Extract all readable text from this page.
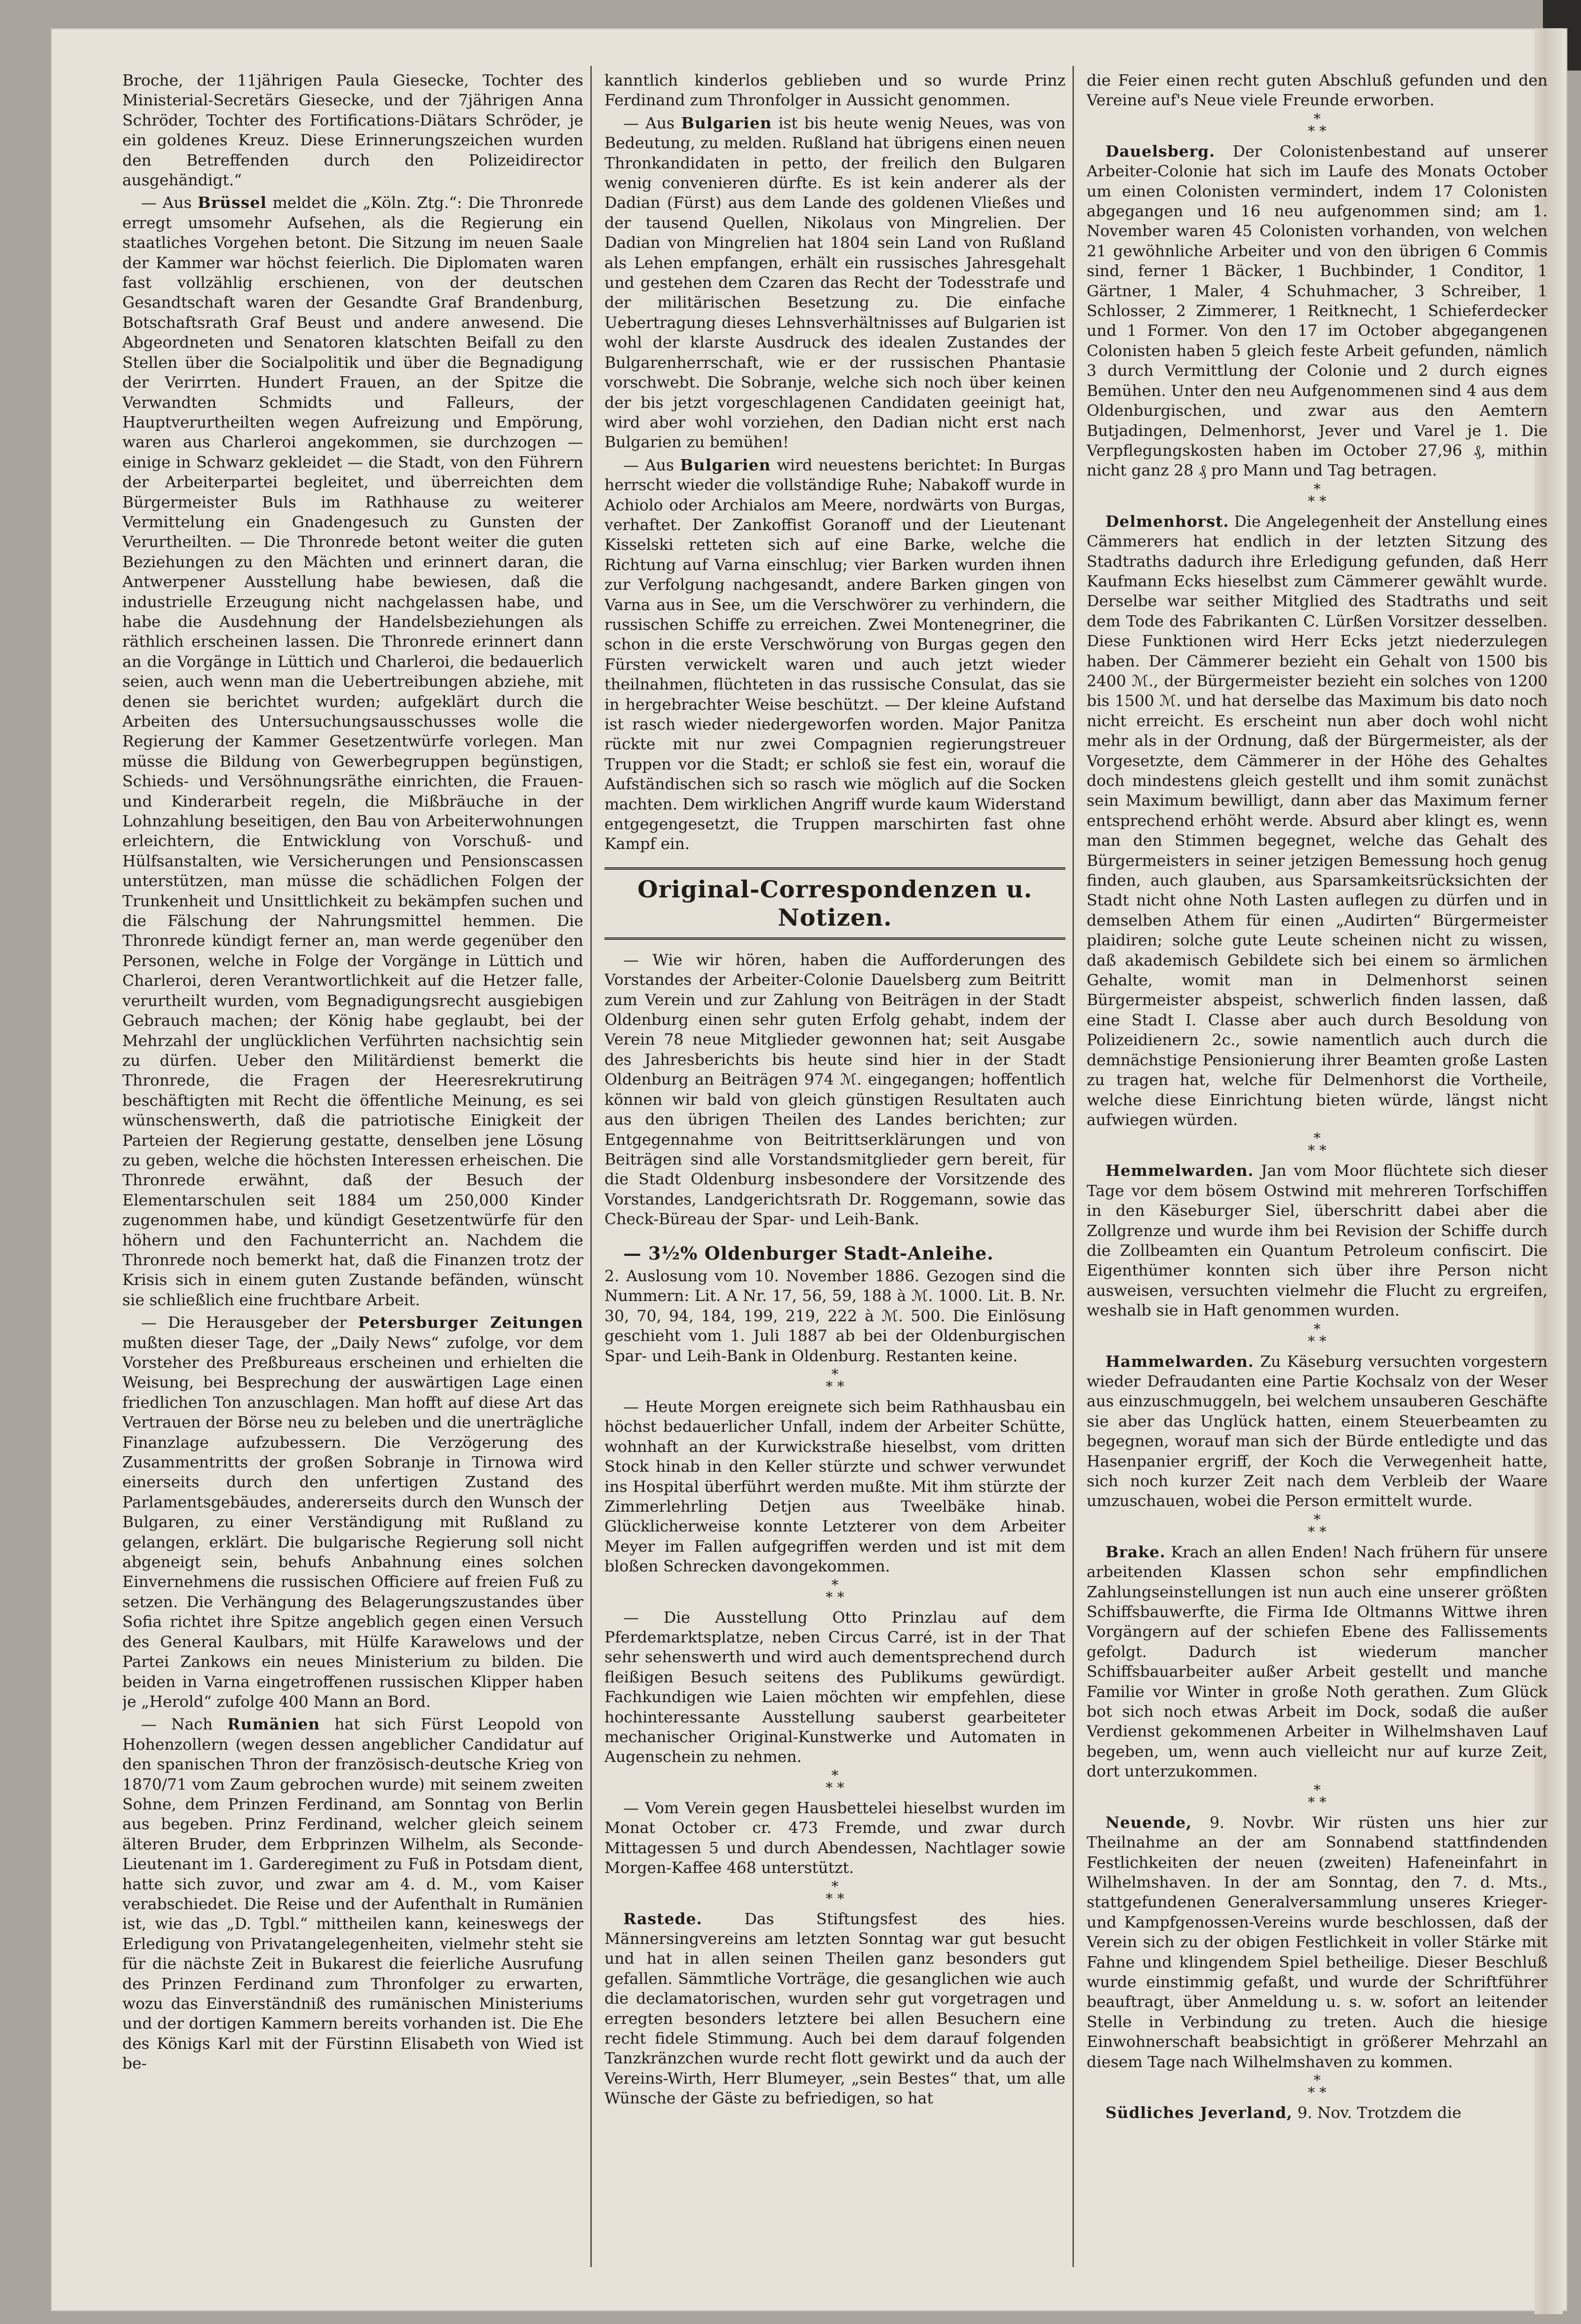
Broche, der 11jährigen Paula Giesecke, Tochter des Ministerial-Secretärs Giesecke, und der 7jährigen Anna Schröder, Tochter des Fortifications-Diätars Schröder, je ein goldenes Kreuz. Diese Erinnerungszeichen wurden den Betreffenden durch den Polizeidirector ausgehändigt.“

— Aus Brüssel meldet die „Köln. Ztg.“: Die Thronrede erregt umsomehr Aufsehen, als die Regierung ein staatliches Vorgehen betont. Die Sitzung im neuen Saale der Kammer war höchst feierlich. Die Diplomaten waren fast vollzählig erschienen, von der deutschen Gesandtschaft waren der Gesandte Graf Brandenburg, Botschaftsrath Graf Beust und andere anwesend. Die Abgeordneten und Senatoren klatschten Beifall zu den Stellen über die Socialpolitik und über die Begnadigung der Verirrten. Hundert Frauen, an der Spitze die Verwandten Schmidts und Falleurs, der Hauptverurtheilten wegen Aufreizung und Empörung, waren aus Charleroi angekommen, sie durchzogen — einige in Schwarz gekleidet — die Stadt, von den Führern der Arbeiterpartei begleitet, und überreichten dem Bürgermeister Buls im Rathhause zu weiterer Vermittelung ein Gnadengesuch zu Gunsten der Verurtheilten. — Die Thronrede betont weiter die guten Beziehungen zu den Mächten und erinnert daran, die Antwerpener Ausstellung habe bewiesen, daß die industrielle Erzeugung nicht nachgelassen habe, und habe die Ausdehnung der Handelsbeziehungen als räthlich erscheinen lassen. Die Thronrede erinnert dann an die Vorgänge in Lüttich und Charleroi, die bedauerlich seien, auch wenn man die Uebertreibungen abziehe, mit denen sie berichtet wurden; aufgeklärt durch die Arbeiten des Untersuchungsausschusses wolle die Regierung der Kammer Gesetzentwürfe vorlegen. Man müsse die Bildung von Gewerbegruppen begünstigen, Schieds- und Versöhnungsräthe einrichten, die Frauen- und Kinderarbeit regeln, die Mißbräuche in der Lohnzahlung beseitigen, den Bau von Arbeiterwohnungen erleichtern, die Entwicklung von Vorschuß- und Hülfsanstalten, wie Versicherungen und Pensionscassen unterstützen, man müsse die schädlichen Folgen der Trunkenheit und Unsittlichkeit zu bekämpfen suchen und die Fälschung der Nahrungsmittel hemmen. Die Thronrede kündigt ferner an, man werde gegenüber den Personen, welche in Folge der Vorgänge in Lüttich und Charleroi, deren Verantwortlichkeit auf die Hetzer falle, verurtheilt wurden, vom Begnadigungsrecht ausgiebigen Gebrauch machen; der König habe geglaubt, bei der Mehrzahl der unglücklichen Verführten nachsichtig sein zu dürfen. Ueber den Militärdienst bemerkt die Thronrede, die Fragen der Heeresrekrutirung beschäftigten mit Recht die öffentliche Meinung, es sei wünschenswerth, daß die patriotische Einigkeit der Parteien der Regierung gestatte, denselben jene Lösung zu geben, welche die höchsten Interessen erheischen. Die Thronrede erwähnt, daß der Besuch der Elementarschulen seit 1884 um 250,000 Kinder zugenommen habe, und kündigt Gesetzentwürfe für den höhern und den Fachunterricht an. Nachdem die Thronrede noch bemerkt hat, daß die Finanzen trotz der Krisis sich in einem guten Zustande befänden, wünscht sie schließlich eine fruchtbare Arbeit.

— Die Herausgeber der Petersburger Zeitungen mußten dieser Tage, der „Daily News“ zufolge, vor dem Vorsteher des Preßbureaus erscheinen und erhielten die Weisung, bei Besprechung der auswärtigen Lage einen friedlichen Ton anzuschlagen. Man hofft auf diese Art das Vertrauen der Börse neu zu beleben und die unerträgliche Finanzlage aufzubessern. Die Verzögerung des Zusammentritts der großen Sobranje in Tirnowa wird einerseits durch den unfertigen Zustand des Parlamentsgebäudes, andererseits durch den Wunsch der Bulgaren, zu einer Verständigung mit Rußland zu gelangen, erklärt. Die bulgarische Regierung soll nicht abgeneigt sein, behufs Anbahnung eines solchen Einvernehmens die russischen Officiere auf freien Fuß zu setzen. Die Verhängung des Belagerungszustandes über Sofia richtet ihre Spitze angeblich gegen einen Versuch des General Kaulbars, mit Hülfe Karawelows und der Partei Zankows ein neues Ministerium zu bilden. Die beiden in Varna eingetroffenen russischen Klipper haben je „Herold“ zufolge 400 Mann an Bord.

— Nach Rumänien hat sich Fürst Leopold von Hohenzollern (wegen dessen angeblicher Candidatur auf den spanischen Thron der französisch-deutsche Krieg von 1870/71 vom Zaum gebrochen wurde) mit seinem zweiten Sohne, dem Prinzen Ferdinand, am Sonntag von Berlin aus begeben. Prinz Ferdinand, welcher gleich seinem älteren Bruder, dem Erbprinzen Wilhelm, als Seconde-Lieutenant im 1. Garderegiment zu Fuß in Potsdam dient, hatte sich zuvor, und zwar am 4. d. M., vom Kaiser verabschiedet. Die Reise und der Aufenthalt in Rumänien ist, wie das „D. Tgbl.“ mittheilen kann, keineswegs der Erledigung von Privatangelegenheiten, vielmehr steht sie für die nächste Zeit in Bukarest die feierliche Ausrufung des Prinzen Ferdinand zum Thronfolger zu erwarten, wozu das Einverständniß des rumänischen Ministeriums und der dortigen Kammern bereits vorhanden ist. Die Ehe des Königs Karl mit der Fürstinn Elisabeth von Wied ist be-

kanntlich kinderlos geblieben und so wurde Prinz Ferdinand zum Thronfolger in Aussicht genommen.

— Aus Bulgarien ist bis heute wenig Neues, was von Bedeutung, zu melden. Rußland hat übrigens einen neuen Thronkandidaten in petto, der freilich den Bulgaren wenig convenieren dürfte. Es ist kein anderer als der Dadian (Fürst) aus dem Lande des goldenen Vließes und der tausend Quellen, Nikolaus von Mingrelien. Der Dadian von Mingrelien hat 1804 sein Land von Rußland als Lehen empfangen, erhält ein russisches Jahresgehalt und gestehen dem Czaren das Recht der Todesstrafe und der militärischen Besetzung zu. Die einfache Uebertragung dieses Lehnsverhältnisses auf Bulgarien ist wohl der klarste Ausdruck des idealen Zustandes der Bulgarenherrschaft, wie er der russischen Phantasie vorschwebt. Die Sobranje, welche sich noch über keinen der bis jetzt vorgeschlagenen Candidaten geeinigt hat, wird aber wohl vorziehen, den Dadian nicht erst nach Bulgarien zu bemühen!

— Aus Bulgarien wird neuestens berichtet: In Burgas herrscht wieder die vollständige Ruhe; Nabakoff wurde in Achiolo oder Archialos am Meere, nordwärts von Burgas, verhaftet. Der Zankoffist Goranoff und der Lieutenant Kisselski retteten sich auf eine Barke, welche die Richtung auf Varna einschlug; vier Barken wurden ihnen zur Verfolgung nachgesandt, andere Barken gingen von Varna aus in See, um die Verschwörer zu verhindern, die russischen Schiffe zu erreichen. Zwei Montenegriner, die schon in die erste Verschwörung von Burgas gegen den Fürsten verwickelt waren und auch jetzt wieder theilnahmen, flüchteten in das russische Consulat, das sie in hergebrachter Weise beschützt. — Der kleine Aufstand ist rasch wieder niedergeworfen worden. Major Panitza rückte mit nur zwei Compagnien regierungstreuer Truppen vor die Stadt; er schloß sie fest ein, worauf die Aufständischen sich so rasch wie möglich auf die Socken machten. Dem wirklichen Angriff wurde kaum Widerstand entgegengesetzt, die Truppen marschirten fast ohne Kampf ein.

Original-Correspondenzen u. Notizen.

— Wie wir hören, haben die Aufforderungen des Vorstandes der Arbeiter-Colonie Dauelsberg zum Beitritt zum Verein und zur Zahlung von Beiträgen in der Stadt Oldenburg einen sehr guten Erfolg gehabt, indem der Verein 78 neue Mitglieder gewonnen hat; seit Ausgabe des Jahresberichts bis heute sind hier in der Stadt Oldenburg an Beiträgen 974 ℳ. eingegangen; hoffentlich können wir bald von gleich günstigen Resultaten auch aus den übrigen Theilen des Landes berichten; zur Entgegennahme von Beitrittserklärungen und von Beiträgen sind alle Vorstandsmitglieder gern bereit, für die Stadt Oldenburg insbesondere der Vorsitzende des Vorstandes, Landgerichtsrath Dr. Roggemann, sowie das Check-Büreau der Spar- und Leih-Bank.

— 3½% Oldenburger Stadt-Anleihe.

2. Auslosung vom 10. November 1886. Gezogen sind die Nummern: Lit. A Nr. 17, 56, 59, 188 à ℳ. 1000. Lit. B. Nr. 30, 70, 94, 184, 199, 219, 222 à ℳ. 500. Die Einlösung geschieht vom 1. Juli 1887 ab bei der Oldenburgischen Spar- und Leih-Bank in Oldenburg. Restanten keine.

*
* *

— Heute Morgen ereignete sich beim Rathhausbau ein höchst bedauerlicher Unfall, indem der Arbeiter Schütte, wohnhaft an der Kurwickstraße hieselbst, vom dritten Stock hinab in den Keller stürzte und schwer verwundet ins Hospital überführt werden mußte. Mit ihm stürzte der Zimmerlehrling Detjen aus Tweelbäke hinab. Glücklicherweise konnte Letzterer von dem Arbeiter Meyer im Fallen aufgegriffen werden und ist mit dem bloßen Schrecken davongekommen.

*
* *

— Die Ausstellung Otto Prinzlau auf dem Pferdemarktsplatze, neben Circus Carré, ist in der That sehr sehenswerth und wird auch dementsprechend durch fleißigen Besuch seitens des Publikums gewürdigt. Fachkundigen wie Laien möchten wir empfehlen, diese hochinteressante Ausstellung sauberst gearbeiteter mechanischer Original-Kunstwerke und Automaten in Augenschein zu nehmen.

*
* *

— Vom Verein gegen Hausbettelei hieselbst wurden im Monat October cr. 473 Fremde, und zwar durch Mittagessen 5 und durch Abendessen, Nachtlager sowie Morgen-Kaffee 468 unterstützt.

*
* *

Rastede. Das Stiftungsfest des hies. Männersingvereins am letzten Sonntag war gut besucht und hat in allen seinen Theilen ganz besonders gut gefallen. Sämmtliche Vorträge, die gesanglichen wie auch die declamatorischen, wurden sehr gut vorgetragen und erregten besonders letztere bei allen Besuchern eine recht fidele Stimmung. Auch bei dem darauf folgenden Tanzkränzchen wurde recht flott gewirkt und da auch der Vereins-Wirth, Herr Blumeyer, „sein Bestes“ that, um alle Wünsche der Gäste zu befriedigen, so hat

die Feier einen recht guten Abschluß gefunden und den Vereine auf's Neue viele Freunde erworben.

*
* *

Dauelsberg. Der Colonistenbestand auf unserer Arbeiter-Colonie hat sich im Laufe des Monats October um einen Colonisten vermindert, indem 17 Colonisten abgegangen und 16 neu aufgenommen sind; am 1. November waren 45 Colonisten vorhanden, von welchen 21 gewöhnliche Arbeiter und von den übrigen 6 Commis sind, ferner 1 Bäcker, 1 Buchbinder, 1 Conditor, 1 Gärtner, 1 Maler, 4 Schuhmacher, 3 Schreiber, 1 Schlosser, 2 Zimmerer, 1 Reitknecht, 1 Schieferdecker und 1 Former. Von den 17 im October abgegangenen Colonisten haben 5 gleich feste Arbeit gefunden, nämlich 3 durch Vermittlung der Colonie und 2 durch eignes Bemühen. Unter den neu Aufgenommenen sind 4 aus dem Oldenburgischen, und zwar aus den Aemtern Butjadingen, Delmenhorst, Jever und Varel je 1. Die Verpflegungskosten haben im October 27,96 ₰, mithin nicht ganz 28 ₰ pro Mann und Tag betragen.

*
* *

Delmenhorst. Die Angelegenheit der Anstellung eines Cämmerers hat endlich in der letzten Sitzung des Stadtraths dadurch ihre Erledigung gefunden, daß Herr Kaufmann Ecks hieselbst zum Cämmerer gewählt wurde. Derselbe war seither Mitglied des Stadtraths und seit dem Tode des Fabrikanten C. Lürßen Vorsitzer desselben. Diese Funktionen wird Herr Ecks jetzt niederzulegen haben. Der Cämmerer bezieht ein Gehalt von 1500 bis 2400 ℳ., der Bürgermeister bezieht ein solches von 1200 bis 1500 ℳ. und hat derselbe das Maximum bis dato noch nicht erreicht. Es erscheint nun aber doch wohl nicht mehr als in der Ordnung, daß der Bürgermeister, als der Vorgesetzte, dem Cämmerer in der Höhe des Gehaltes doch mindestens gleich gestellt und ihm somit zunächst sein Maximum bewilligt, dann aber das Maximum ferner entsprechend erhöht werde. Absurd aber klingt es, wenn man den Stimmen begegnet, welche das Gehalt des Bürgermeisters in seiner jetzigen Bemessung hoch genug finden, auch glauben, aus Sparsamkeitsrücksichten der Stadt nicht ohne Noth Lasten auflegen zu dürfen und in demselben Athem für einen „Audirten“ Bürgermeister plaidiren; solche gute Leute scheinen nicht zu wissen, daß akademisch Gebildete sich bei einem so ärmlichen Gehalte, womit man in Delmenhorst seinen Bürgermeister abspeist, schwerlich finden lassen, daß eine Stadt I. Classe aber auch durch Besoldung von Polizeidienern 2c., sowie namentlich auch durch die demnächstige Pensionierung ihrer Beamten große Lasten zu tragen hat, welche für Delmenhorst die Vortheile, welche diese Einrichtung bieten würde, längst nicht aufwiegen würden.

*
* *

Hemmelwarden. Jan vom Moor flüchtete sich dieser Tage vor dem bösem Ostwind mit mehreren Torfschiffen in den Käseburger Siel, überschritt dabei aber die Zollgrenze und wurde ihm bei Revision der Schiffe durch die Zollbeamten ein Quantum Petroleum confiscirt. Die Eigenthümer konnten sich über ihre Person nicht ausweisen, versuchten vielmehr die Flucht zu ergreifen, weshalb sie in Haft genommen wurden.

*
* *

Hammelwarden. Zu Käseburg versuchten vorgestern wieder Defraudanten eine Partie Kochsalz von der Weser aus einzuschmuggeln, bei welchem unsauberen Geschäfte sie aber das Unglück hatten, einem Steuerbeamten zu begegnen, worauf man sich der Bürde entledigte und das Hasenpanier ergriff, der Koch die Verwegenheit hatte, sich noch kurzer Zeit nach dem Verbleib der Waare umzuschauen, wobei die Person ermittelt wurde.

*
* *

Brake. Krach an allen Enden! Nach frühern für unsere arbeitenden Klassen schon sehr empfindlichen Zahlungseinstellungen ist nun auch eine unserer größten Schiffsbauwerfte, die Firma Ide Oltmanns Wittwe ihren Vorgängern auf der schiefen Ebene des Fallissements gefolgt. Dadurch ist wiederum mancher Schiffsbauarbeiter außer Arbeit gestellt und manche Familie vor Winter in große Noth gerathen. Zum Glück bot sich noch etwas Arbeit im Dock, sodaß die außer Verdienst gekommenen Arbeiter in Wilhelmshaven Lauf begeben, um, wenn auch vielleicht nur auf kurze Zeit, dort unterzukommen.

*
* *

Neuende, 9. Novbr. Wir rüsten uns hier zur Theilnahme an der am Sonnabend stattfindenden Festlichkeiten der neuen (zweiten) Hafeneinfahrt in Wilhelmshaven. In der am Sonntag, den 7. d. Mts., stattgefundenen Generalversammlung unseres Krieger- und Kampfgenossen-Vereins wurde beschlossen, daß der Verein sich zu der obigen Festlichkeit in voller Stärke mit Fahne und klingendem Spiel betheilige. Dieser Beschluß wurde einstimmig gefaßt, und wurde der Schriftführer beauftragt, über Anmeldung u. s. w. sofort an leitender Stelle in Verbindung zu treten. Auch die hiesige Einwohnerschaft beabsichtigt in größerer Mehrzahl an diesem Tage nach Wilhelmshaven zu kommen.

*
* *

Südliches Jeverland, 9. Nov. Trotzdem die
